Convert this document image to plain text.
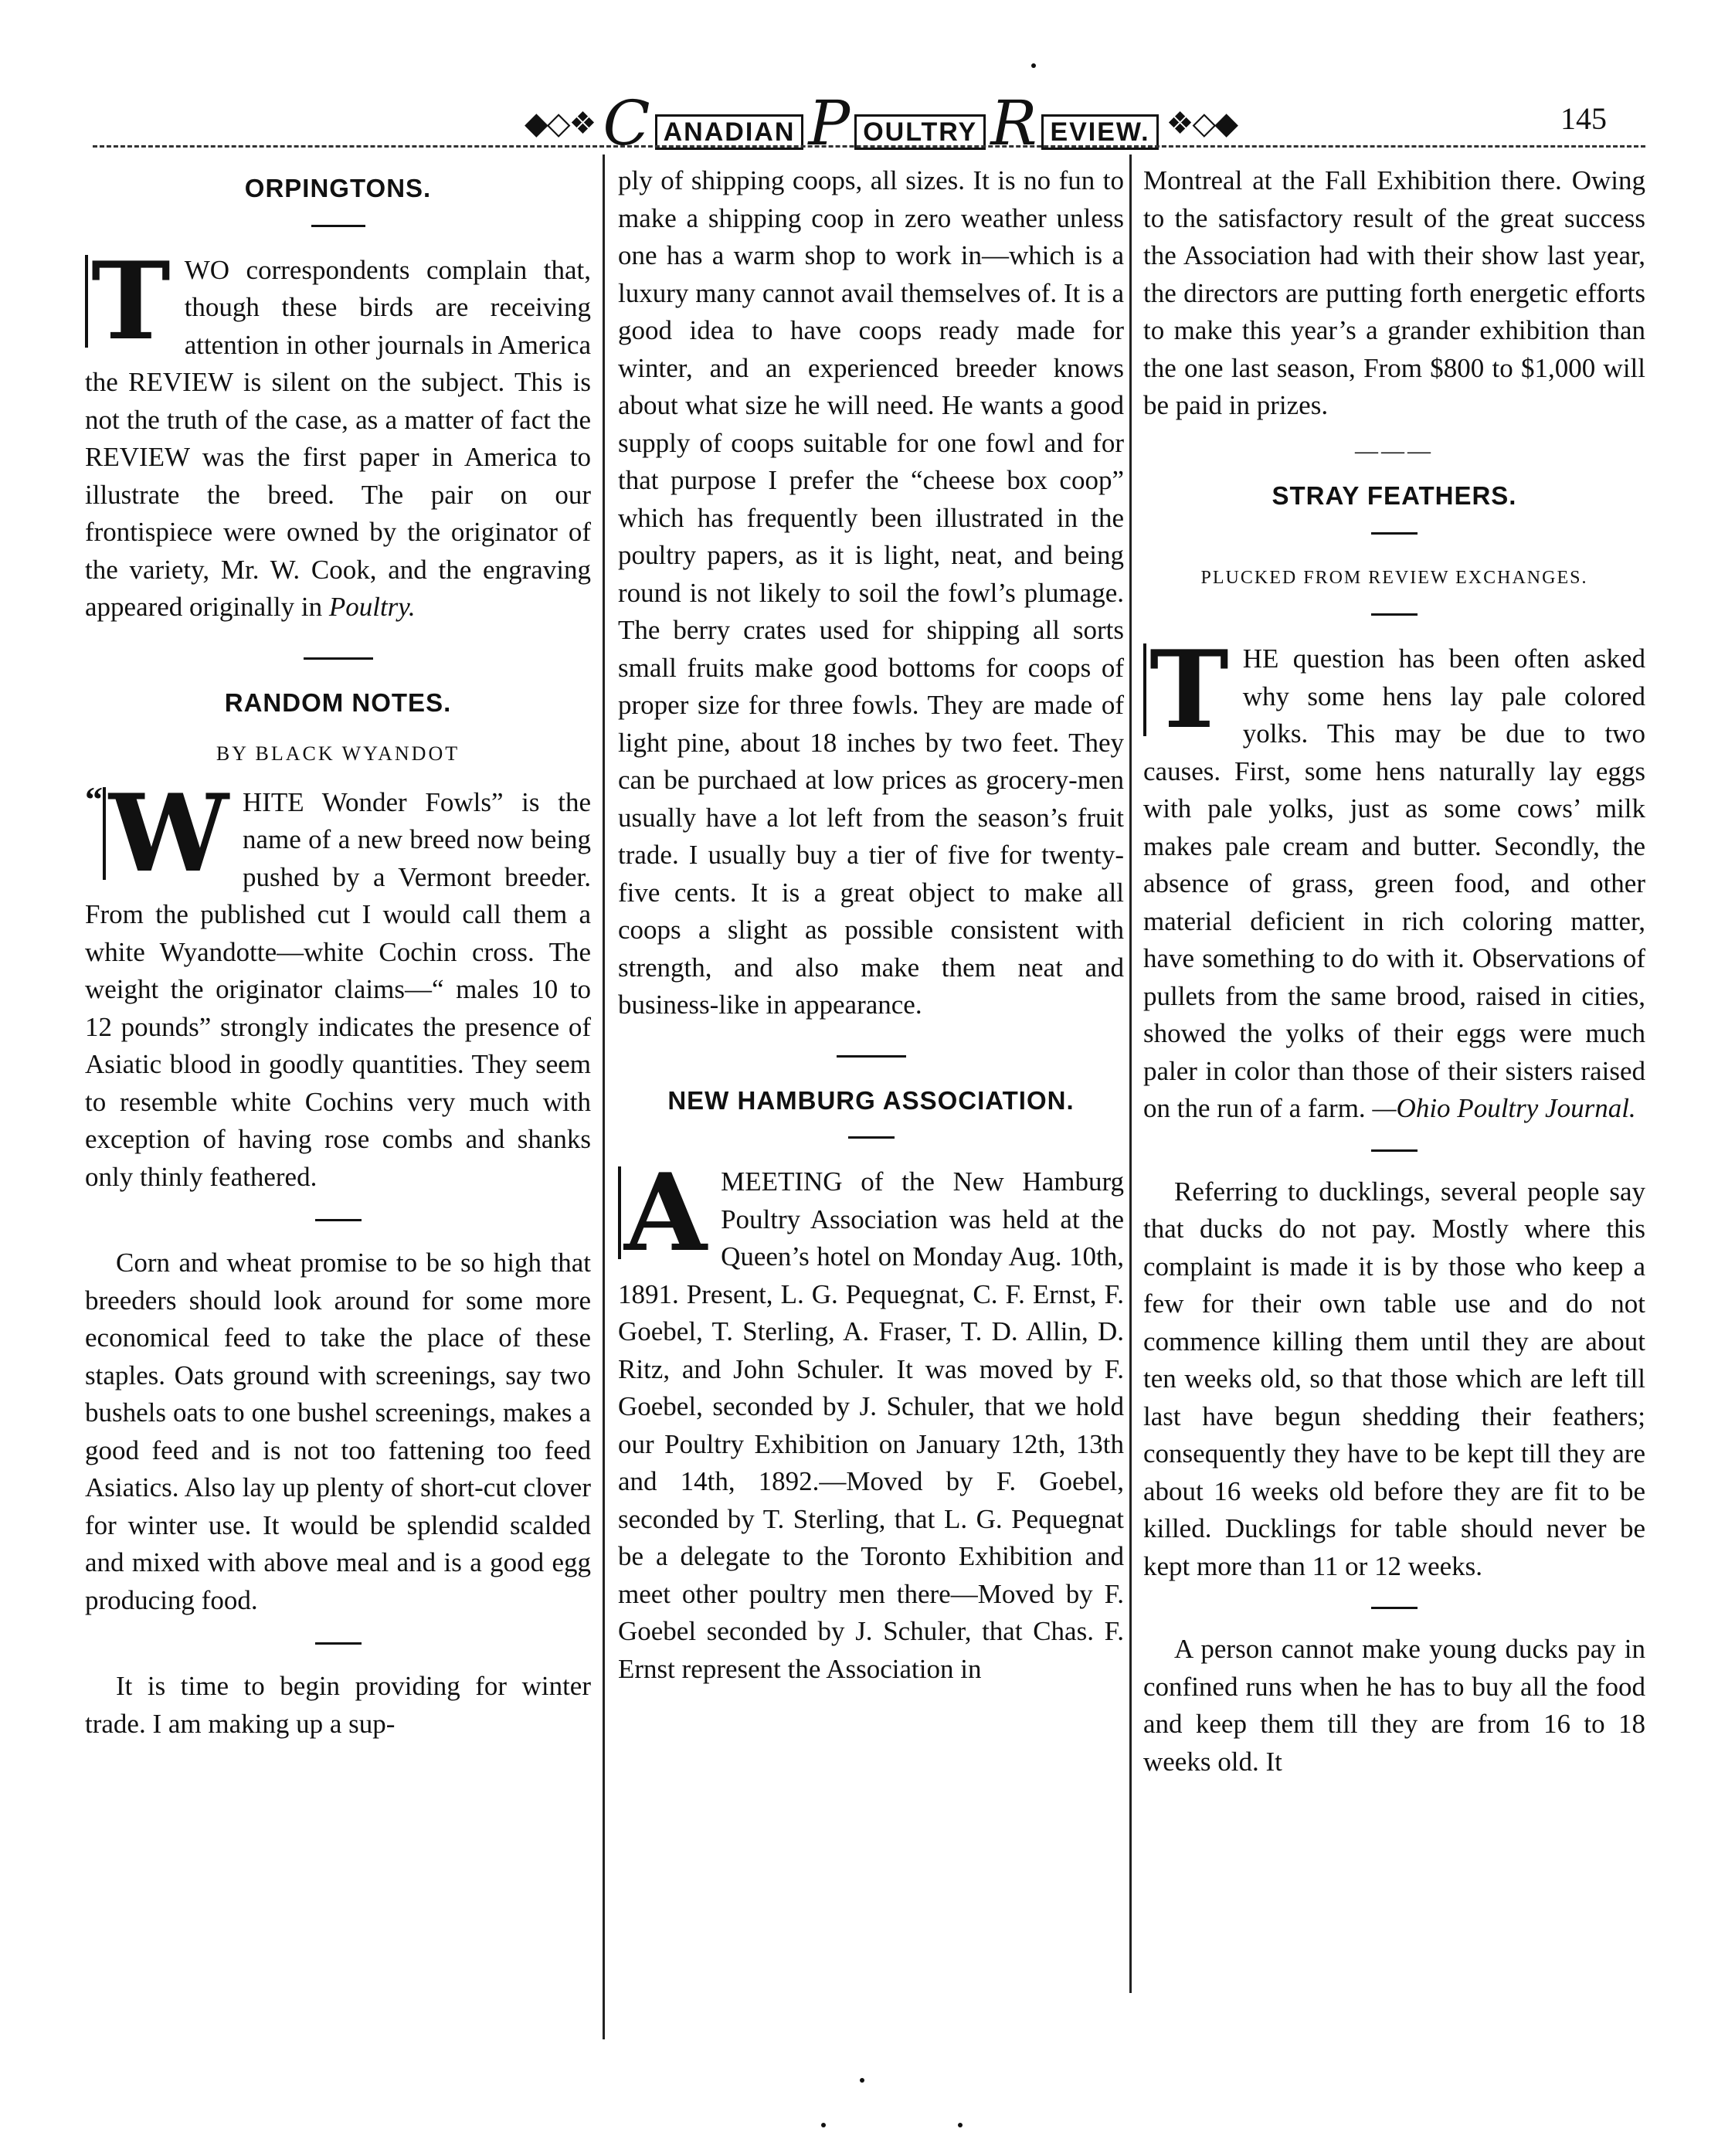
◆◇❖ C ANADIAN P OULTRY R EVIEW. ❖◇◆	145
ORPINGTONS.

T WO correspondents complain that, though these birds are receiving attention in other journals in America the REVIEW is silent on the subject. This is not the truth of the case, as a matter of fact the REVIEW was the first paper in America to illustrate the breed. The pair on our frontispiece were owned by the originator of the variety, Mr. W. Cook, and the engraving appeared originally in Poultry.

RANDOM NOTES.
BY BLACK WYANDOT

“ W HITE Wonder Fowls” is the name of a new breed now being pushed by a Vermont breeder. From the published cut I would call them a white Wyandotte—white Cochin cross. The weight the originator claims—“ males 10 to 12 pounds” strongly indicates the presence of Asiatic blood in goodly quantities. They seem to resemble white Cochins very much with exception of having rose combs and shanks only thinly feathered.

Corn and wheat promise to be so high that breeders should look around for some more economical feed to take the place of these staples. Oats ground with screenings, say two bushels oats to one bushel screenings, makes a good feed and is not too fattening too feed Asiatics. Also lay up plenty of short-cut clover for winter use. It would be splendid scalded and mixed with above meal and is a good egg producing food.

It is time to begin providing for winter trade. I am making up a sup-

ply of shipping coops, all sizes. It is no fun to make a shipping coop in zero weather unless one has a warm shop to work in—which is a luxury many cannot avail themselves of. It is a good idea to have coops ready made for winter, and an experienced breeder knows about what size he will need. He wants a good supply of coops suitable for one fowl and for that purpose I prefer the “cheese box coop” which has frequently been illustrated in the poultry papers, as it is light, neat, and being round is not likely to soil the fowl’s plumage. The berry crates used for shipping all sorts small fruits make good bottoms for coops of proper size for three fowls. They are made of light pine, about 18 inches by two feet. They can be purchaed at low prices as grocery-men usually have a lot left from the season’s fruit trade. I usually buy a tier of five for twenty-five cents. It is a great object to make all coops a slight as possible consistent with strength, and also make them neat and business-like in appearance.

NEW HAMBURG ASSOCIATION.

A MEETING of the New Hamburg Poultry Association was held at the Queen’s hotel on Monday Aug. 10th, 1891. Present, L. G. Pequegnat, C. F. Ernst, F. Goebel, T. Sterling, A. Fraser, T. D. Allin, D. Ritz, and John Schuler. It was moved by F. Goebel, seconded by J. Schuler, that we hold our Poultry Exhibition on January 12th, 13th and 14th, 1892.—Moved by F. Goebel, seconded by T. Sterling, that L. G. Pequegnat be a delegate to the Toronto Exhibition and meet other poultry men there—Moved by F. Goebel seconded by J. Schuler, that Chas. F. Ernst represent the Association in

Montreal at the Fall Exhibition there. Owing to the satisfactory result of the great success the Association had with their show last year, the directors are putting forth energetic efforts to make this year’s a grander exhibition than the one last season, From $800 to $1,000 will be paid in prizes.

———
STRAY FEATHERS.
PLUCKED FROM REVIEW EXCHANGES.

T HE question has been often asked why some hens lay pale colored yolks. This may be due to two causes. First, some hens naturally lay eggs with pale yolks, just as some cows’ milk makes pale cream and butter. Secondly, the absence of grass, green food, and other material deficient in rich coloring matter, have something to do with it. Observations of pullets from the same brood, raised in cities, showed the yolks of their eggs were much paler in color than those of their sisters raised on the run of a farm. —Ohio Poultry Journal.

Referring to ducklings, several people say that ducks do not pay. Mostly where this complaint is made it is by those who keep a few for their own table use and do not commence killing them until they are about ten weeks old, so that those which are left till last have begun shedding their feathers; consequently they have to be kept till they are about 16 weeks old before they are fit to be killed. Ducklings for table should never be kept more than 11 or 12 weeks.

A person cannot make young ducks pay in confined runs when he has to buy all the food and keep them till they are from 16 to 18 weeks old. It
